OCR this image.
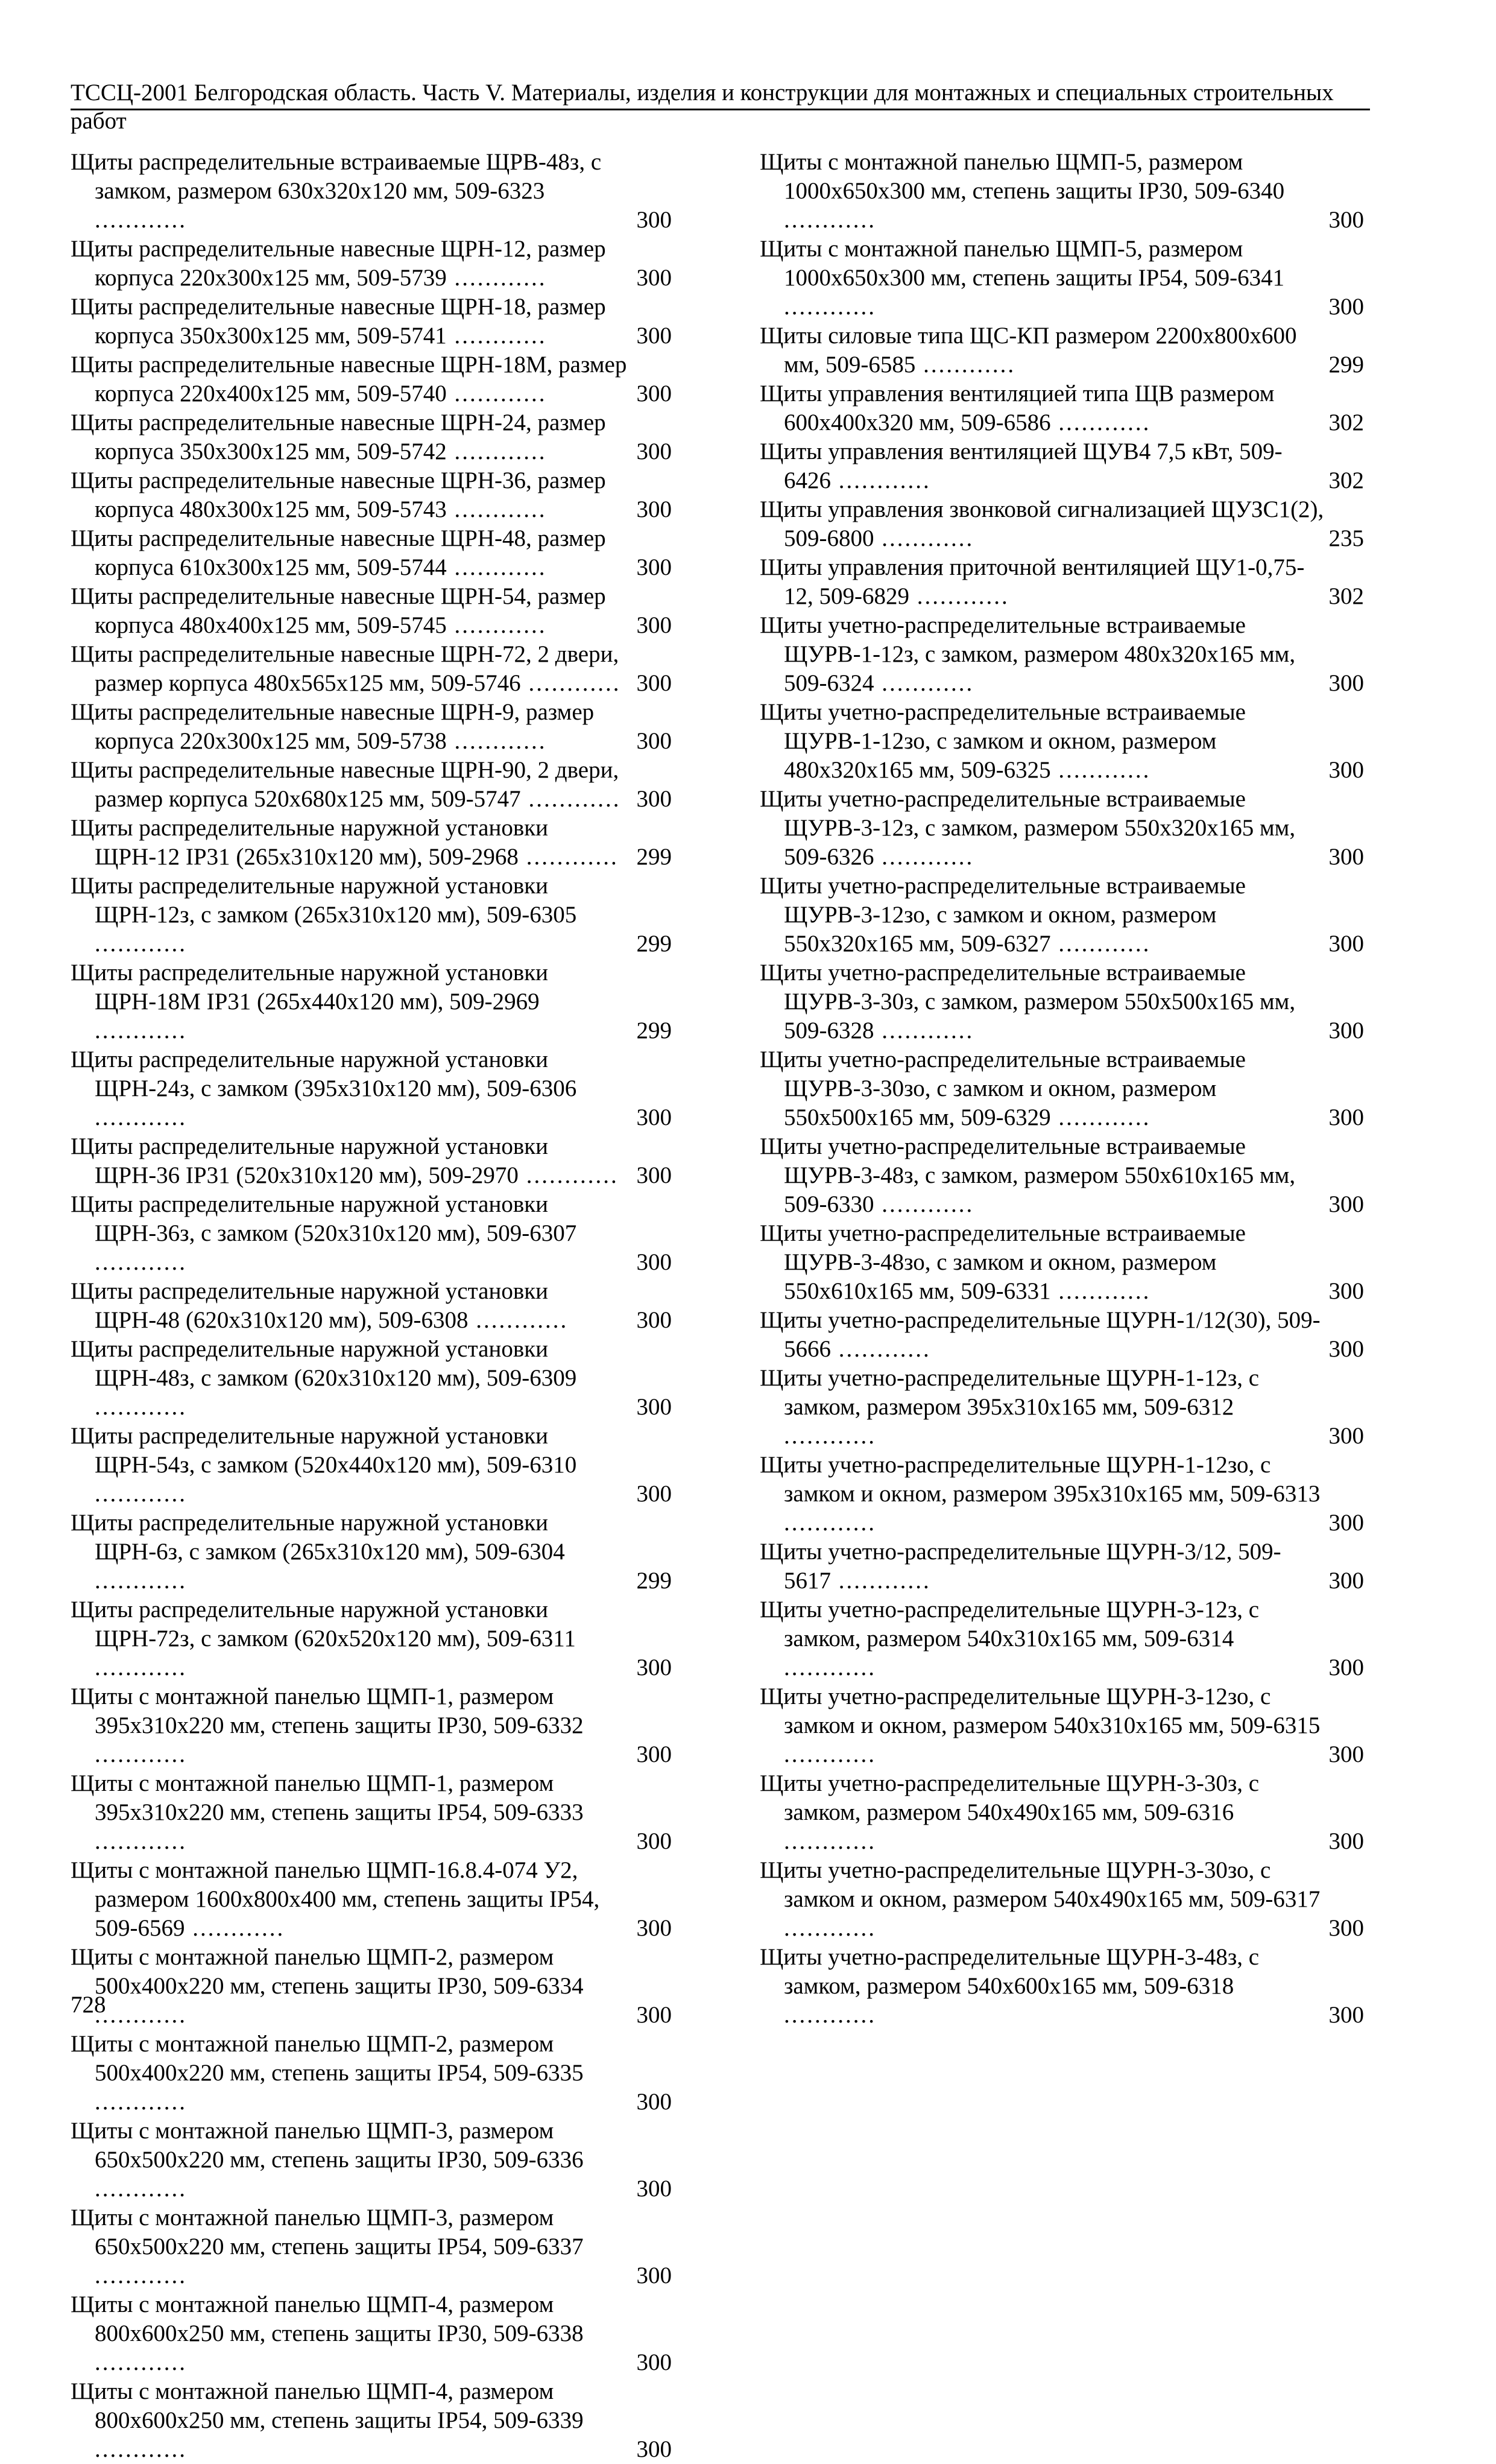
ТССЦ-2001 Белгородская область. Часть V. Материалы, изделия и конструкции для монтажных и специальных строительных работ
Щиты распределительные встраиваемые ЩРВ-48з, с замком, размером 630х320х120 мм, 509-6323 ............	300
Щиты распределительные навесные ЩРН-12, размер корпуса 220х300х125 мм, 509-5739 ............	300
Щиты распределительные навесные ЩРН-18, размер корпуса 350х300х125 мм, 509-5741 ............	300
Щиты распределительные навесные ЩРН-18М, размер корпуса 220х400х125 мм, 509-5740 ............	300
Щиты распределительные навесные ЩРН-24, размер корпуса 350х300х125 мм, 509-5742 ............	300
Щиты распределительные навесные ЩРН-36, размер корпуса 480х300х125 мм, 509-5743 ............	300
Щиты распределительные навесные ЩРН-48, размер корпуса 610х300х125 мм, 509-5744 ............	300
Щиты распределительные навесные ЩРН-54, размер корпуса 480х400х125 мм, 509-5745 ............	300
Щиты распределительные навесные ЩРН-72, 2 двери, размер корпуса 480х565х125 мм, 509-5746 ............ 300
Щиты распределительные навесные ЩРН-9, размер корпуса 220х300х125 мм, 509-5738 ............	300
Щиты распределительные навесные ЩРН-90, 2 двери, размер корпуса 520х680х125 мм, 509-5747 ............ 300
Щиты распределительные наружной установки ЩРН-12 IP31 (265х310х120 мм), 509-2968 ............ 299
Щиты распределительные наружной установки ЩРН-12з, с замком (265х310х120 мм), 509-6305 ............	299
Щиты распределительные наружной установки ЩРН-18М IP31 (265х440х120 мм), 509-2969 ............	299
Щиты распределительные наружной установки ЩРН-24з, с замком (395х310х120 мм), 509-6306 ............	300
Щиты распределительные наружной установки ЩРН-36 IP31 (520х310х120 мм), 509-2970 ............ 300
Щиты распределительные наружной установки ЩРН-36з, с замком (520х310х120 мм), 509-6307 ............	300
Щиты распределительные наружной установки ЩРН-48 (620х310х120 мм), 509-6308 ............	300
Щиты распределительные наружной установки ЩРН-48з, с замком (620х310х120 мм), 509-6309 ............	300
Щиты распределительные наружной установки ЩРН-54з, с замком (520х440х120 мм), 509-6310 ............	300
Щиты распределительные наружной установки ЩРН-6з, с замком (265х310х120 мм), 509-6304 ............	299
Щиты распределительные наружной установки ЩРН-72з, с замком (620х520х120 мм), 509-6311 ............	300
Щиты с монтажной панелью ЩМП-1, размером 395х310х220 мм, степень защиты IP30, 509-6332 ............	300
Щиты с монтажной панелью ЩМП-1, размером 395х310х220 мм, степень защиты IP54, 509-6333 ............	300
Щиты с монтажной панелью ЩМП-16.8.4-074 У2, размером 1600х800х400 мм, степень защиты IP54, 509-6569 ............	300
Щиты с монтажной панелью ЩМП-2, размером 500х400х220 мм, степень защиты IP30, 509-6334 ............	300
Щиты с монтажной панелью ЩМП-2, размером 500х400х220 мм, степень защиты IP54, 509-6335 ............	300
Щиты с монтажной панелью ЩМП-3, размером 650х500х220 мм, степень защиты IP30, 509-6336 ............	300
Щиты с монтажной панелью ЩМП-3, размером 650х500х220 мм, степень защиты IP54, 509-6337 ............	300
Щиты с монтажной панелью ЩМП-4, размером 800х600х250 мм, степень защиты IP30, 509-6338 ............	300
Щиты с монтажной панелью ЩМП-4, размером 800х600х250 мм, степень защиты IP54, 509-6339 ............	300
Щиты с монтажной панелью ЩМП-5, размером 1000х650х300 мм, степень защиты IP30, 509-6340 ............	300
Щиты с монтажной панелью ЩМП-5, размером 1000х650х300 мм, степень защиты IP54, 509-6341 ............	300
Щиты силовые типа ЩС-КП размером 2200х800х600 мм, 509-6585 ............	299
Щиты управления вентиляцией типа ЩВ размером 600х400х320 мм, 509-6586 ............	302
Щиты управления вентиляцией ЩУВ4 7,5 кВт, 509-6426 ............	302
Щиты управления звонковой сигнализацией ЩУЗС1(2), 509-6800 ............	235
Щиты управления приточной вентиляцией ЩУ1-0,75-12, 509-6829 ............	302
Щиты учетно-распределительные встраиваемые ЩУРВ-1-12з, с замком, размером 480х320х165 мм, 509-6324 ............	300
Щиты учетно-распределительные встраиваемые ЩУРВ-1-12зо, с замком и окном, размером 480х320х165 мм, 509-6325 ............	300
Щиты учетно-распределительные встраиваемые ЩУРВ-3-12з, с замком, размером 550х320х165 мм, 509-6326 ............	300
Щиты учетно-распределительные встраиваемые ЩУРВ-3-12зо, с замком и окном, размером 550х320х165 мм, 509-6327 ............	300
Щиты учетно-распределительные встраиваемые ЩУРВ-3-30з, с замком, размером 550х500х165 мм, 509-6328 ............	300
Щиты учетно-распределительные встраиваемые ЩУРВ-3-30зо, с замком и окном, размером 550х500х165 мм, 509-6329 ............	300
Щиты учетно-распределительные встраиваемые ЩУРВ-3-48з, с замком, размером 550х610х165 мм, 509-6330 ............	300
Щиты учетно-распределительные встраиваемые ЩУРВ-3-48зо, с замком и окном, размером 550х610х165 мм, 509-6331 ............	300
Щиты учетно-распределительные ЩУРН-1/12(30), 509-5666 ............	300
Щиты учетно-распределительные ЩУРН-1-12з, с замком, размером 395х310х165 мм, 509-6312 ............	300
Щиты учетно-распределительные ЩУРН-1-12зо, с замком и окном, размером 395х310х165 мм, 509-6313 ............	300
Щиты учетно-распределительные ЩУРН-3/12, 509-5617 ............	300
Щиты учетно-распределительные ЩУРН-3-12з, с замком, размером 540х310х165 мм, 509-6314 ............	300
Щиты учетно-распределительные ЩУРН-3-12зо, с замком и окном, размером 540х310х165 мм, 509-6315 ............	300
Щиты учетно-распределительные ЩУРН-3-30з, с замком, размером 540х490х165 мм, 509-6316 ............	300
Щиты учетно-распределительные ЩУРН-3-30зо, с замком и окном, размером 540х490х165 мм, 509-6317 ............	300
Щиты учетно-распределительные ЩУРН-3-48з, с замком, размером 540х600х165 мм, 509-6318 ............	300
728
